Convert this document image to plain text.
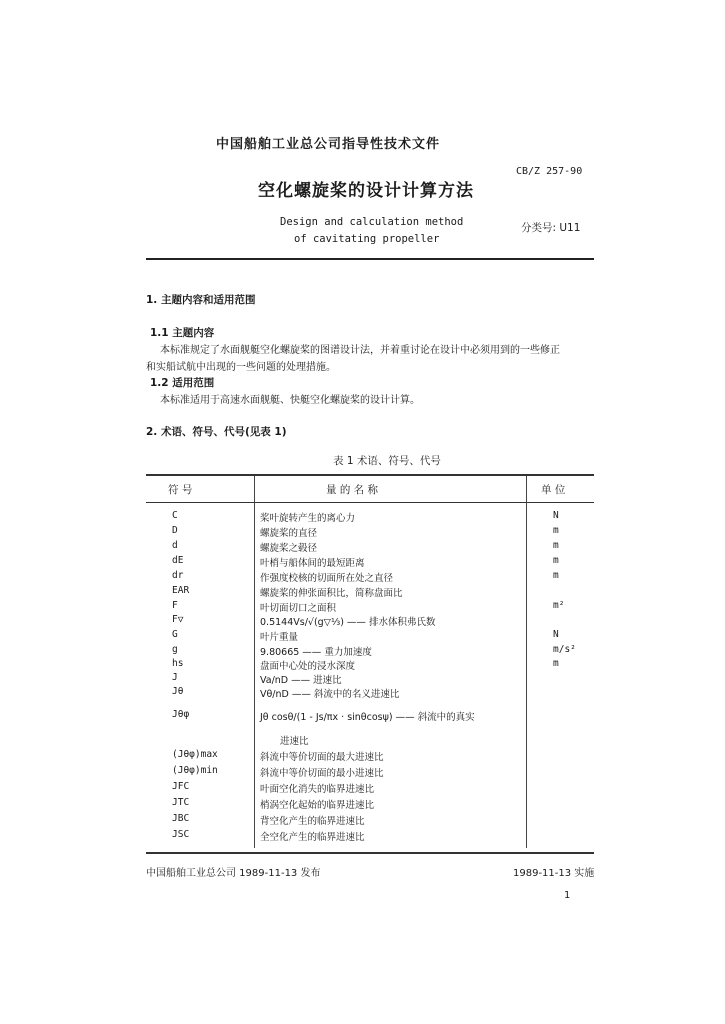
中国船舶工业总公司指导性技术文件
CB/Z 257-90
空化螺旋桨的设计计算方法
Design and calculation method
of cavitating propeller
分类号: U11
1. 主题内容和适用范围
1.1 主题内容
本标准规定了水面舰艇空化螺旋桨的图谱设计法，并着重讨论在设计中必须用到的一些修正
和实船试航中出现的一些问题的处理措施。
1.2 适用范围
本标准适用于高速水面舰艇、快艇空化螺旋桨的设计计算。
2. 术语、符号、代号(见表 1)
表 1 术语、符号、代号
符 号	量 的 名 称	单 位
C	桨叶旋转产生的离心力	N
D	螺旋桨的直径	m
d	螺旋桨之毂径	m
dE	叶梢与船体间的最短距离	m
dr	作强度校核的切面所在处之直径	m
EAR	螺旋桨的伸张面积比，简称盘面比
F	叶切面切口之面积	m²
F▽	0.5144Vs/√(g▽⅓) —— 排水体积弗氏数
G	叶片重量	N
g	9.80665 —— 重力加速度	m/s²
hs	盘面中心处的浸水深度	m
J	Va/nD —— 进速比
Jθ	Vθ/nD —— 斜流中的名义进速比
Jθφ	Jθ cosθ/(1 - Js/πx · sinθcosψ) —— 斜流中的真实
进速比
(Jθφ)max	斜流中等价切面的最大进速比
(Jθφ)min	斜流中等价切面的最小进速比
JFC	叶面空化消失的临界进速比
JTC	梢涡空化起始的临界进速比
JBC	背空化产生的临界进速比
JSC	全空化产生的临界进速比
中国船舶工业总公司 1989-11-13 发布	1989-11-13 实施
1
